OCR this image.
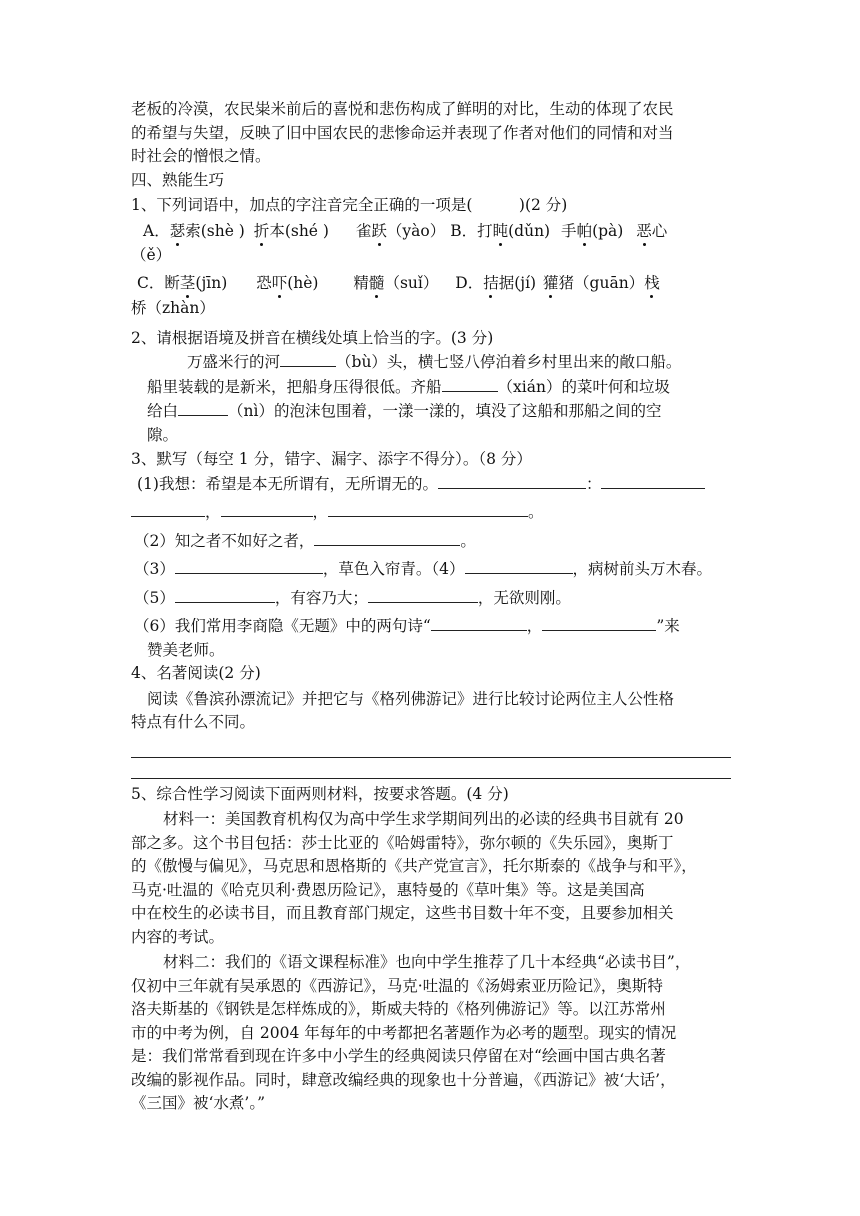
老板的冷漠，农民粜米前后的喜悦和悲伤构成了鲜明的对比，生动的体现了农民

的希望与失望，反映了旧中国农民的悲惨命运并表现了作者对他们的同情和对当

时社会的憎恨之情。

四、熟能生巧

1、下列词语中，加点的字注音完全正确的一项是(　　　)(2 分)

A．瑟索(shè ) 折本(shé ) 雀跃（yào） B．打盹(dǔn) 手帕(pà) 恶心

（ě）

C．断茎(jīn) 恐吓(hè) 精髓（suǐ） D．拮据(jí) 獾猪（guān）栈

桥（zhàn）

2、请根据语境及拼音在横线处填上恰当的字。(3 分)

万盛米行的河	（bù）头，横七竖八停泊着乡村里出来的敞口船。

船里装载的是新米，把船身压得很低。齐船	（xián）的菜叶何和垃圾

给白	（nì）的泡沫包围着，一漾一漾的，填没了这船和那船之间的空

隙。

3、默写（每空 1 分，错字、漏字、添字不得分）。（8 分）

(1)我想：希望是本无所谓有，无所谓无的。	：

，	，	。

（2）知之者不如好之者，	。

（3）	，草色入帘青。（4）	，病树前头万木春。

（5）	，有容乃大；	，无欲则刚。

（6）我们常用李商隐《无题》中的两句诗“	，	”来

赞美老师。

4、名著阅读(2 分)

阅读《鲁滨孙漂流记》并把它与《格列佛游记》进行比较讨论两位主人公性格

特点有什么不同。

5、综合性学习阅读下面两则材料，按要求答题。(4 分)

材料一：美国教育机构仅为高中学生求学期间列出的必读的经典书目就有 20

部之多。这个书目包括：莎士比亚的《哈姆雷特》，弥尔顿的《失乐园》，奥斯丁

的《傲慢与偏见》，马克思和恩格斯的《共产党宣言》，托尔斯泰的《战争与和平》，

马克·吐温的《哈克贝利·费恩历险记》，惠特曼的《草叶集》等。这是美国高

中在校生的必读书目，而且教育部门规定，这些书目数十年不变，且要参加相关

内容的考试。

材料二：我们的《语文课程标准》也向中学生推荐了几十本经典“必读书目”，

仅初中三年就有吴承恩的《西游记》，马克·吐温的《汤姆索亚历险记》，奥斯特

洛夫斯基的《钢铁是怎样炼成的》，斯威夫特的《格列佛游记》等。以江苏常州

市的中考为例，自 2004 年每年的中考都把名著题作为必考的题型。现实的情况

是：我们常常看到现在许多中小学生的经典阅读只停留在对“绘画中国古典名著

改编的影视作品。同时，肆意改编经典的现象也十分普遍，《西游记》被‘大话’，

《三国》被‘水煮’。”
